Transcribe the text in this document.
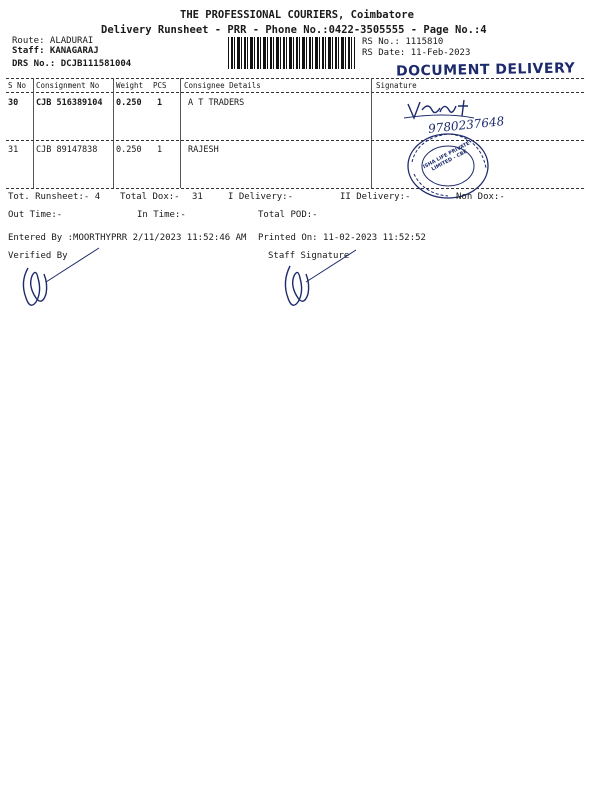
THE PROFESSIONAL COURIERS, Coimbatore
Delivery Runsheet - PRR - Phone No.:0422-3505555 - Page No.:4
Route: ALADURAI
Staff: KANAGARAJ
DRS No.: DCJB111581004
RS No.: 1115810
RS Date: 11-Feb-2023
DOCUMENT DELIVERY
S No Consignment No Weight PCS Consignee Details	Signature
30 CJB 516389104 0.250 1	A T TRADERS
31 CJB 89147838 0.250 1	RAJESH
9780237648
ISHA LIFE PRIVATE LIMITED - CBE
Tot. Runsheet:- 4 Total Dox:- 31	I Delivery:-	II Delivery:-	Non Dox:-
Out Time:-	In Time:-	Total POD:-
Entered By :MOORTHYPRR 2/11/2023 11:52:46 AM Printed On: 11-02-2023 11:52:52
Verified By	Staff Signature
